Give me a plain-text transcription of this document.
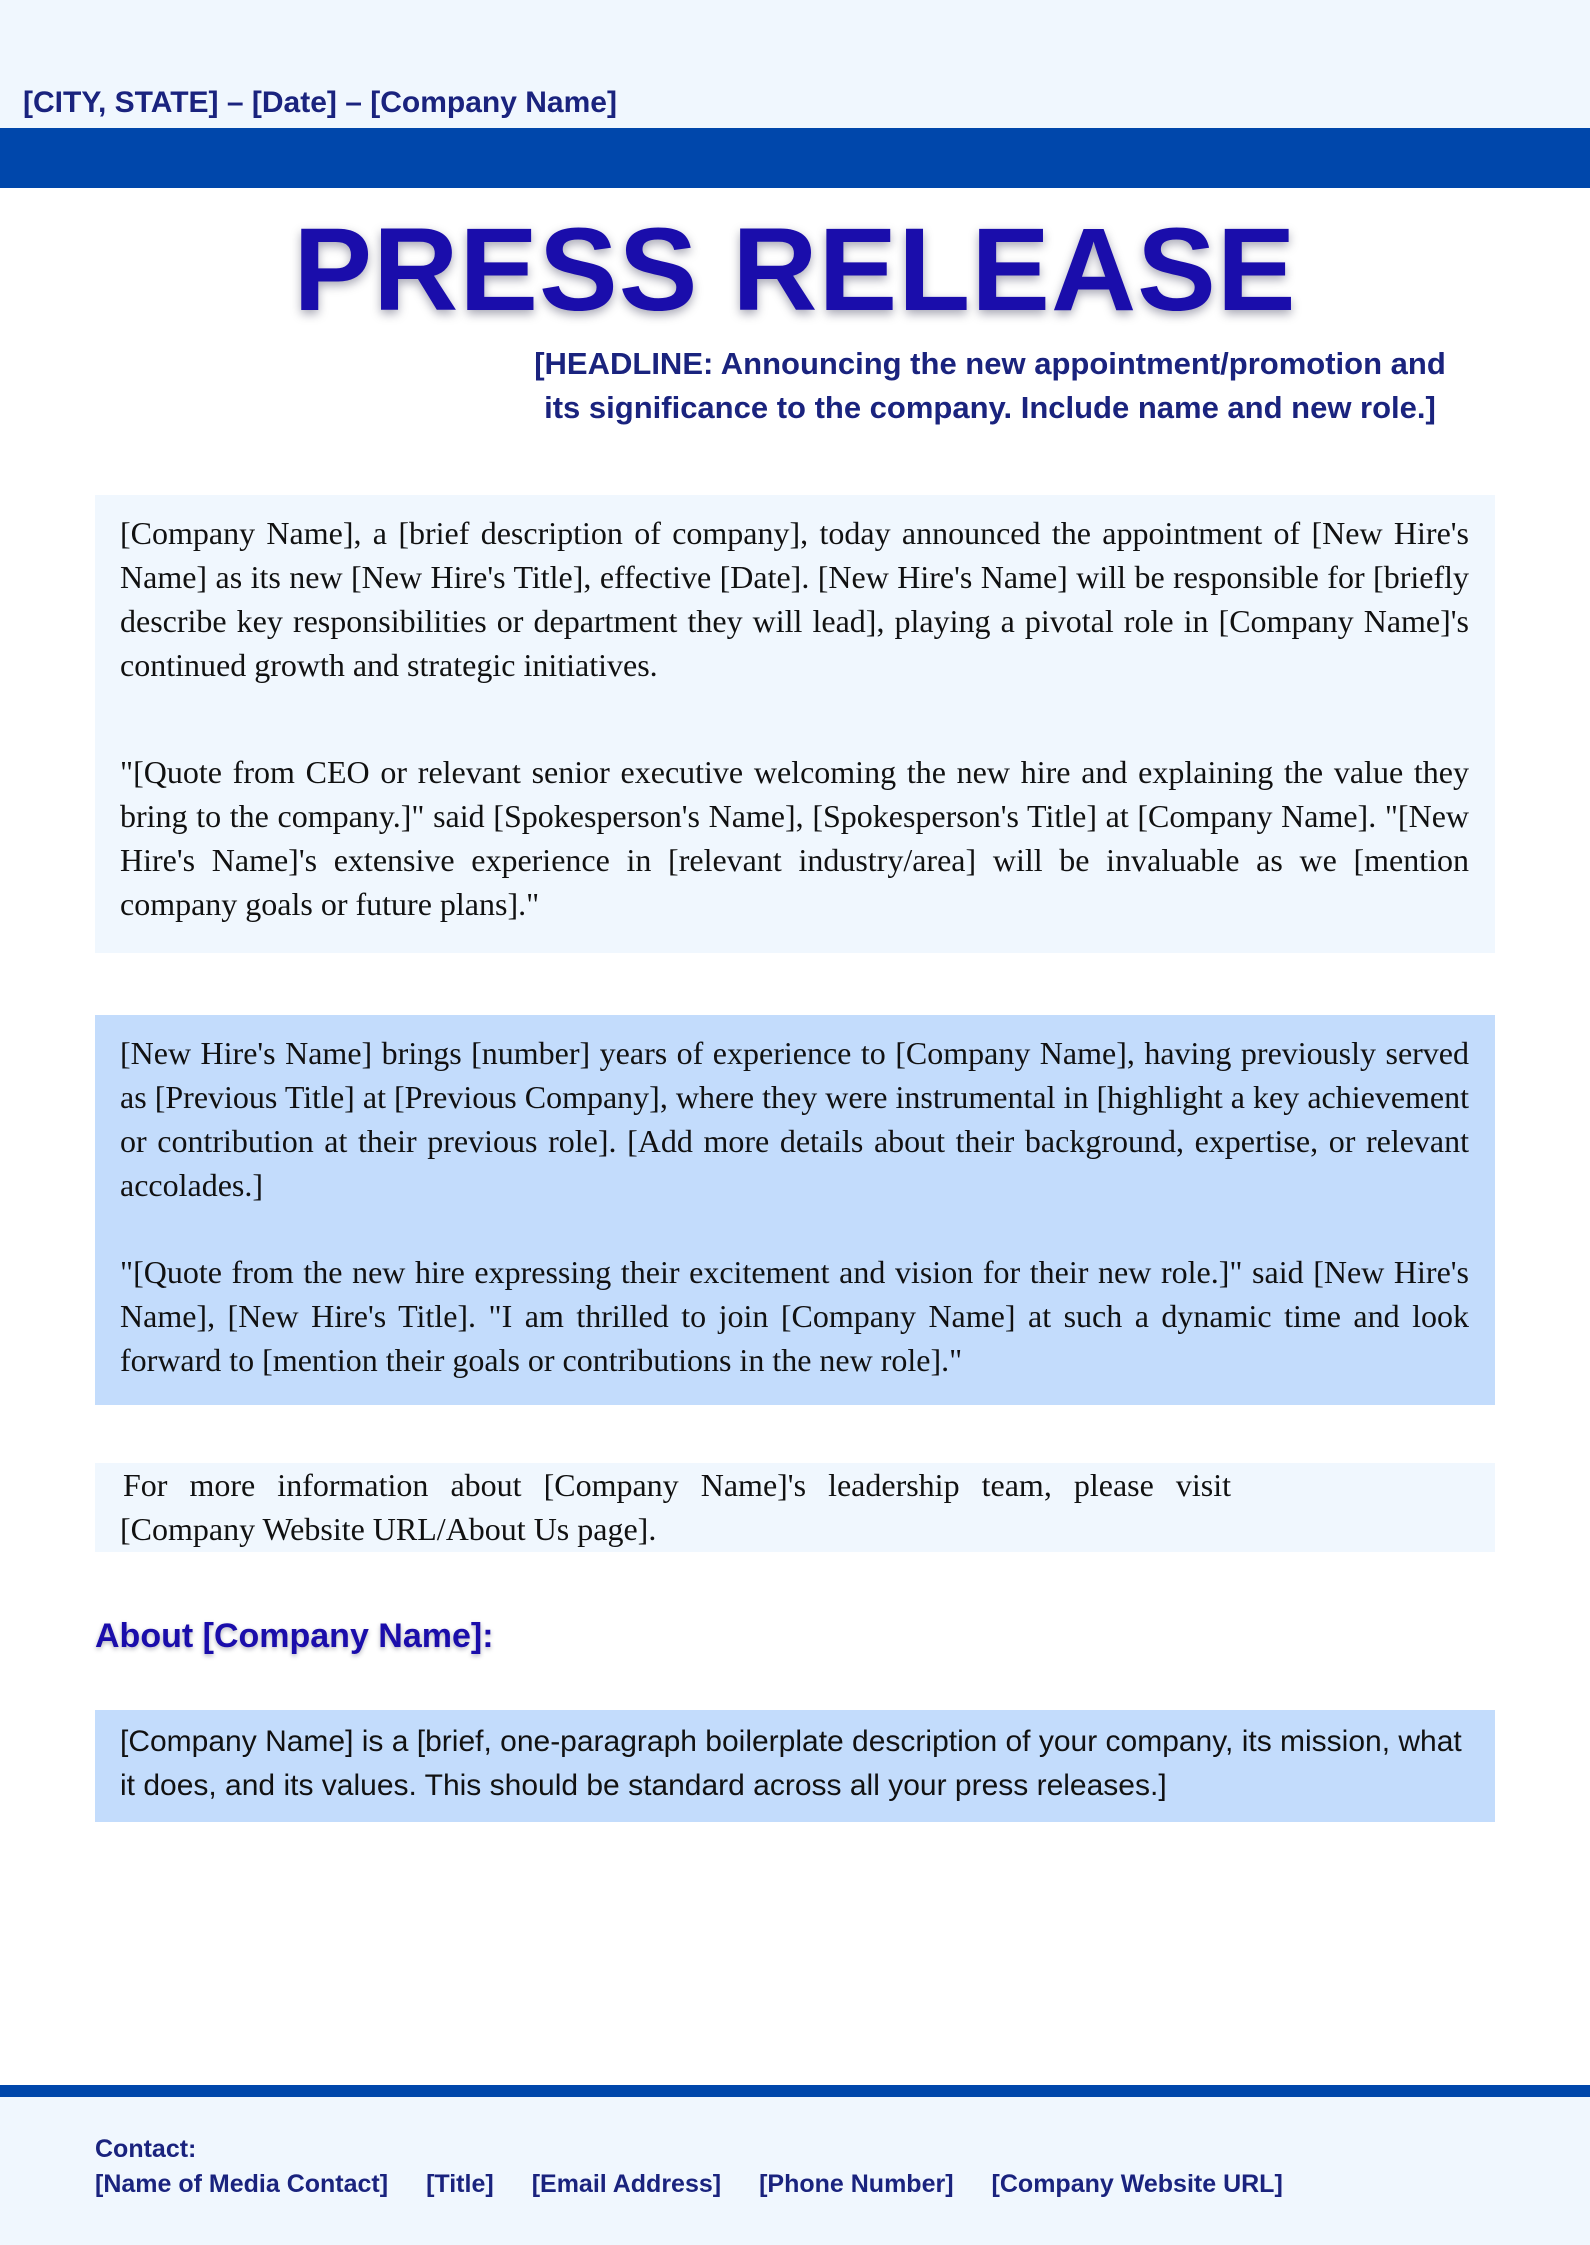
[CITY, STATE] – [Date] – [Company Name]
PRESS RELEASE
[HEADLINE: Announcing the new appointment/promotion and
its significance to the company. Include name and new role.]

[Company Name], a [brief description of company], today announced the appointment of [New Hire's Name] as its new [New Hire's Title], effective [Date]. [New Hire's Name] will be responsible for [briefly describe key responsibilities or department they will lead], playing a pivotal role in [Company Name]'s continued growth and strategic initiatives.

"[Quote from CEO or relevant senior executive welcoming the new hire and explaining the value they bring to the company.]" said [Spokesperson's Name], [Spokesperson's Title] at [Company Name]. "[New Hire's Name]'s extensive experience in [relevant industry/area] will be invaluable as we [mention company goals or future plans]."

[New Hire's Name] brings [number] years of experience to [Company Name], having previously served as [Previous Title] at [Previous Company], where they were instrumental in [highlight a key achievement or contribution at their previous role]. [Add more details about their background, expertise, or relevant accolades.]

"[Quote from the new hire expressing their excitement and vision for their new role.]" said [New Hire's Name], [New Hire's Title]. "I am thrilled to join [Company Name] at such a dynamic time and look forward to [mention their goals or contributions in the new role]."

For more information about [Company Name]'s leadership team, please visit
[Company Website URL/About Us page].

About [Company Name]:

[Company Name] is a [brief, one-paragraph boilerplate description of your company, its mission, what it does, and its values. This should be standard across all your press releases.]

Contact:
[Name of Media Contact] [Title] [Email Address] [Phone Number] [Company Website URL]
